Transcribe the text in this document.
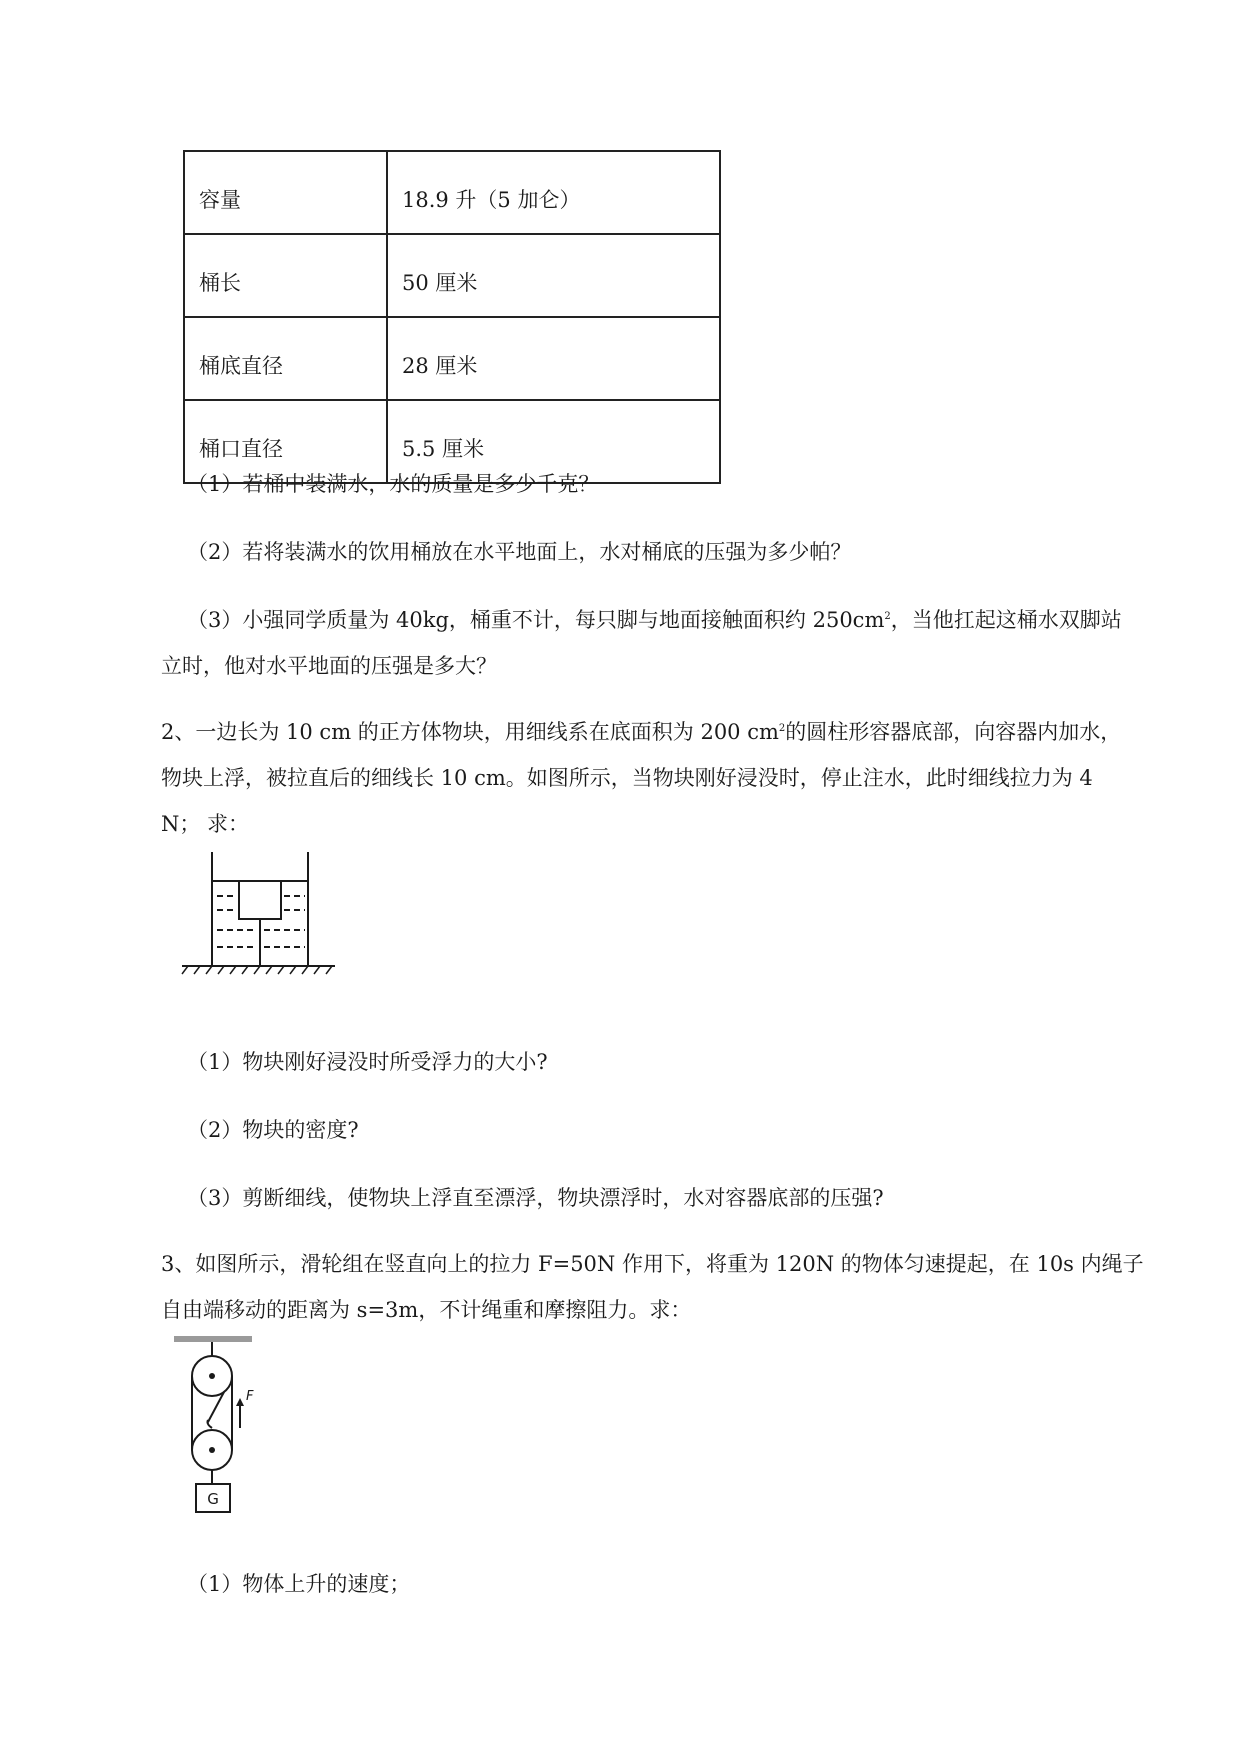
容量	18.9 升（5 加仑）
桶长	50 厘米
桶底直径	28 厘米
桶口直径	5.5 厘米
（1）若桶中装满水，水的质量是多少千克？
（2）若将装满水的饮用桶放在水平地面上，水对桶底的压强为多少帕？
（3）小强同学质量为 40kg，桶重不计，每只脚与地面接触面积约 $250cm^2$，当他扛起这桶水双脚站
立时，他对水平地面的压强是多大？
2、一边长为 10 cm 的正方体物块，用细线系在底面积为 200 $cm^2$的圆柱形容器底部，向容器内加水，
物块上浮，被拉直后的细线长 10 cm。如图所示，当物块刚好浸没时，停止注水，此时细线拉力为 4
N； 求：
（1）物块刚好浸没时所受浮力的大小?
（2）物块的密度?
（3）剪断细线，使物块上浮直至漂浮，物块漂浮时，水对容器底部的压强?
3、如图所示，滑轮组在竖直向上的拉力 F=50N 作用下，将重为 120N 的物体匀速提起，在 10s 内绳子
自由端移动的距离为 s=3m，不计绳重和摩擦阻力。求：
F
G
（1）物体上升的速度；
